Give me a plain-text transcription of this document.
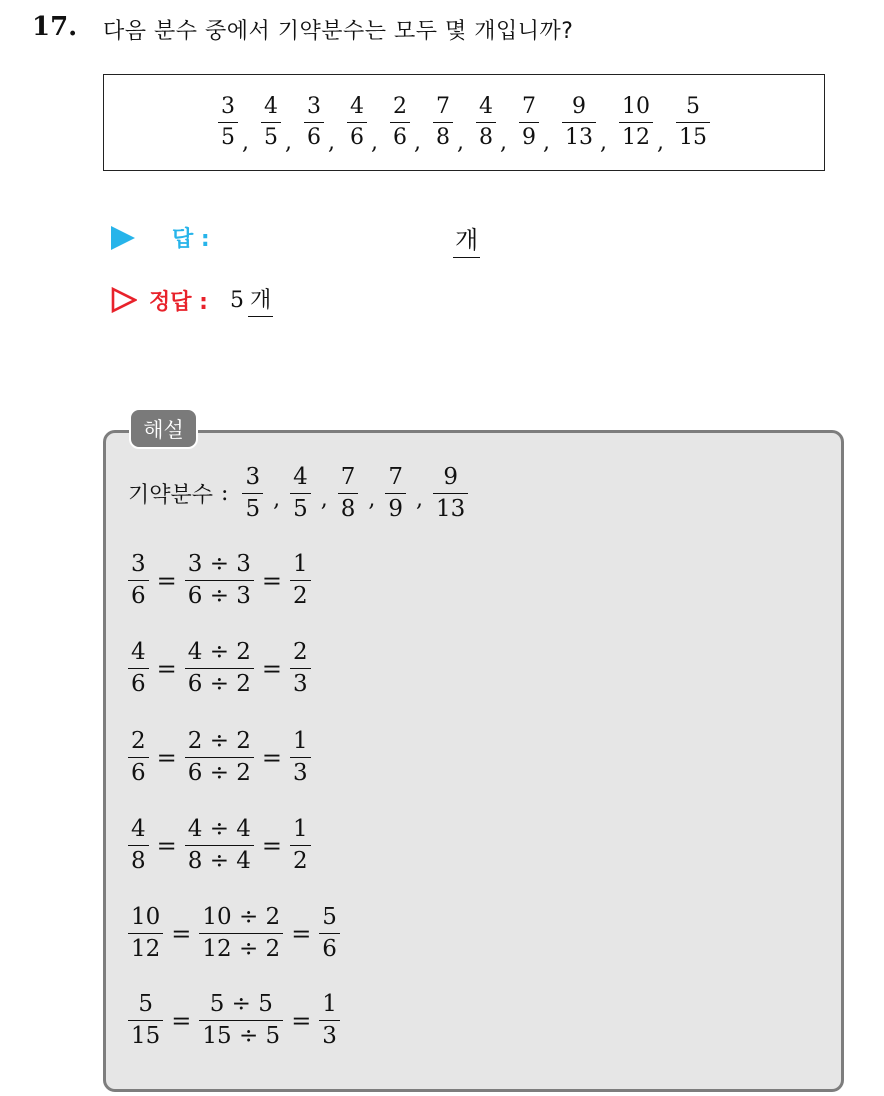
17. 다음 분수 중에서 기약분수는 모두 몇 개입니까?
$\frac{3}{5}$ , $\frac{4}{5}$ , $\frac{3}{6}$ , $\frac{4}{6}$ , $\frac{2}{6}$ , $\frac{7}{8}$ , $\frac{4}{8}$ , $\frac{7}{9}$ , $\frac{9}{13}$ , $\frac{10}{12}$ , $\frac{5}{15}$
답 :	개
정답 : 5 개
해설
기약분수 : $\frac{3}{5}$ , $\frac{4}{5}$ , $\frac{7}{8}$ , $\frac{7}{9}$ , $\frac{9}{13}$
$\frac{3}{6} = \frac{3 \div 3}{6 \div 3} = \frac{1}{2}$
$\frac{4}{6} = \frac{4 \div 2}{6 \div 2} = \frac{2}{3}$
$\frac{2}{6} = \frac{2 \div 2}{6 \div 2} = \frac{1}{3}$
$\frac{4}{8} = \frac{4 \div 4}{8 \div 4} = \frac{1}{2}$
$\frac{10}{12} = \frac{10 \div 2}{12 \div 2} = \frac{5}{6}$
$\frac{5}{15} = \frac{5 \div 5}{15 \div 5} = \frac{1}{3}$
